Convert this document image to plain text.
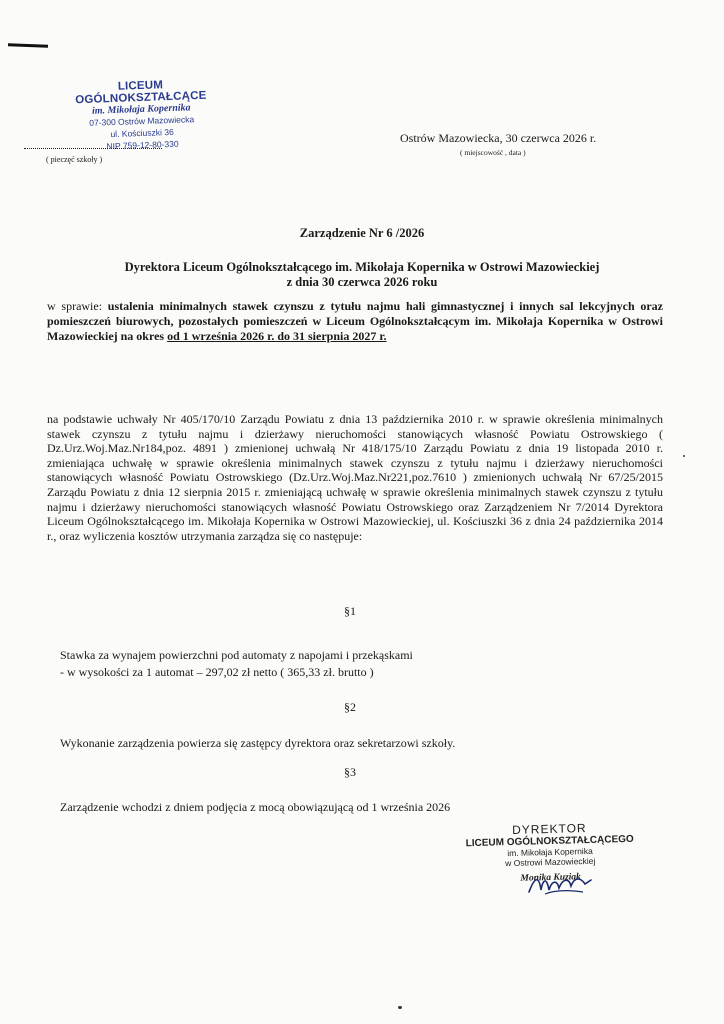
LICEUM OGÓLNOKSZTAŁCĄCE
im. Mikołaja Kopernika
07-300 Ostrów Mazowiecka
ul. Kościuszki 36
NIP 759-12-80-330
( pieczęć szkoły )
Ostrów Mazowiecka, 30 czerwca 2026 r.
( miejscowość , data )
Zarządzenie Nr 6 /2026
Dyrektora Liceum Ogólnokształcącego im. Mikołaja Kopernika w Ostrowi Mazowieckiej
z dnia 30 czerwca 2026 roku
w sprawie: ustalenia minimalnych stawek czynszu z tytułu najmu hali gimnastycznej i innych sal lekcyjnych oraz pomieszczeń biurowych, pozostałych pomieszczeń w Liceum Ogólnokształcącym im. Mikołaja Kopernika w Ostrowi Mazowieckiej na okres od 1 września 2026 r. do 31 sierpnia 2027 r.
na podstawie uchwały Nr 405/170/10 Zarządu Powiatu z dnia 13 października 2010 r. w sprawie określenia minimalnych stawek czynszu z tytułu najmu i dzierżawy nieruchomości stanowiących własność Powiatu Ostrowskiego ( Dz.Urz.Woj.Maz.Nr184,poz. 4891 ) zmienionej uchwałą Nr 418/175/10 Zarządu Powiatu z dnia 19 listopada 2010 r. zmieniająca uchwałę w sprawie określenia minimalnych stawek czynszu z tytułu najmu i dzierżawy nieruchomości stanowiących własność Powiatu Ostrowskiego (Dz.Urz.Woj.Maz.Nr221,poz.7610 ) zmienionych uchwałą Nr 67/25/2015 Zarządu Powiatu z dnia 12 sierpnia 2015 r. zmieniającą uchwałę w sprawie określenia minimalnych stawek czynszu z tytułu najmu i dzierżawy nieruchomości stanowiących własność Powiatu Ostrowskiego oraz Zarządzeniem Nr 7/2014 Dyrektora Liceum Ogólnokształcącego im. Mikołaja Kopernika w Ostrowi Mazowieckiej, ul. Kościuszki 36 z dnia 24 października 2014 r., oraz wyliczenia kosztów utrzymania zarządza się co następuje:
§1
Stawka za wynajem powierzchni pod automaty z napojami i przekąskami
- w wysokości za 1 automat – 297,02 zł netto ( 365,33 zł. brutto )
§2
Wykonanie zarządzenia powierza się zastępcy dyrektora oraz sekretarzowi szkoły.
§3
Zarządzenie wchodzi z dniem podjęcia z mocą obowiązującą od 1 września 2026
DYREKTOR
LICEUM OGÓLNOKSZTAŁCĄCEGO
im. Mikołaja Kopernika
w Ostrowi Mazowieckiej
Monika Kuziak
